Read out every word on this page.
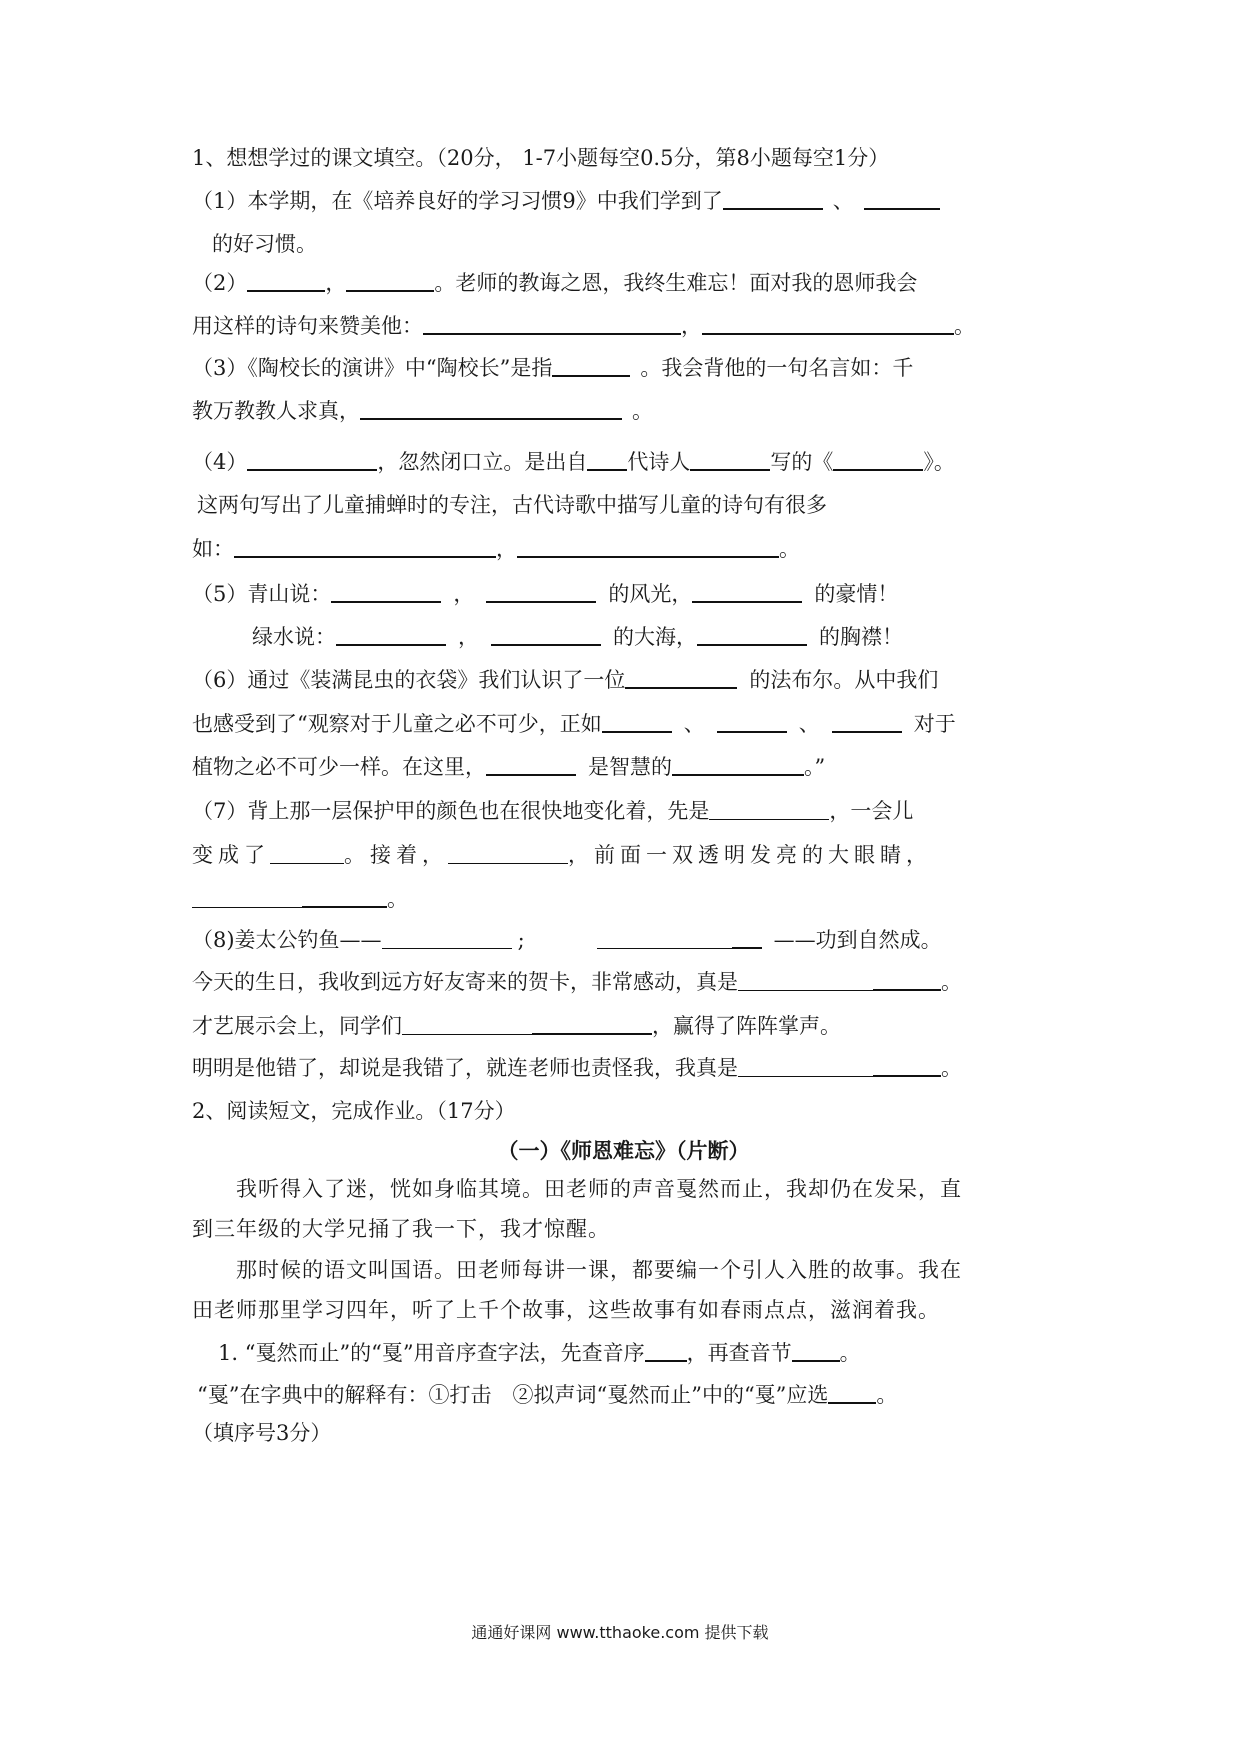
1、想想学过的课文填空。（20分， 1-7小题每空0.5分，第8小题每空1分）
（1）本学期，在《培养良好的学习习惯9》中我们学到了	、
的好习惯。
（2）	，	。老师的教诲之恩，我终生难忘！面对我的恩师我会
用这样的诗句来赞美他：	，	。
（3）《陶校长的演讲》中“陶校长”是指	。我会背他的一句名言如：千
教万教教人求真，	。
（4）	，忽然闭口立。是出自 代诗人	写的《	》。
这两句写出了儿童捕蝉时的专注，古代诗歌中描写儿童的诗句有很多
如：	，	。
（5）青山说：	，	的风光，	的豪情！
绿水说：	，	的大海，	的胸襟！
（6）通过《装满昆虫的衣袋》我们认识了一位	的法布尔。从中我们
也感受到了“观察对于儿童之必不可少，正如	、	、	对于
植物之必不可少一样。在这里，	是智慧的	。”
（7）背上那一层保护甲的颜色也在很快地变化着，先是	，一会儿
变成了	。接着，	，前面一双透明发亮的大眼睛，
。
（8)姜太公钓鱼——	;	——功到自然成。
今天的生日，我收到远方好友寄来的贺卡，非常感动，真是	。
才艺展示会上，同学们	，赢得了阵阵掌声。
明明是他错了，却说是我错了，就连老师也责怪我，我真是	。
2、阅读短文，完成作业。（17分）
（一）《师恩难忘》（片断）
我听得入了迷，恍如身临其境。田老师的声音戛然而止，我却仍在发呆，直
到三年级的大学兄捅了我一下，我才惊醒。
那时候的语文叫国语。田老师每讲一课，都要编一个引人入胜的故事。我在
田老师那里学习四年，听了上千个故事，这些故事有如春雨点点，滋润着我。
1. “戛然而止”的“戛”用音序查字法，先查音序 ，再查音节 。
“戛”在字典中的解释有：①打击　②拟声词“戛然而止”中的“戛”应选 。
（填序号3分）
通通好课网 www.tthaoke.com 提供下载
